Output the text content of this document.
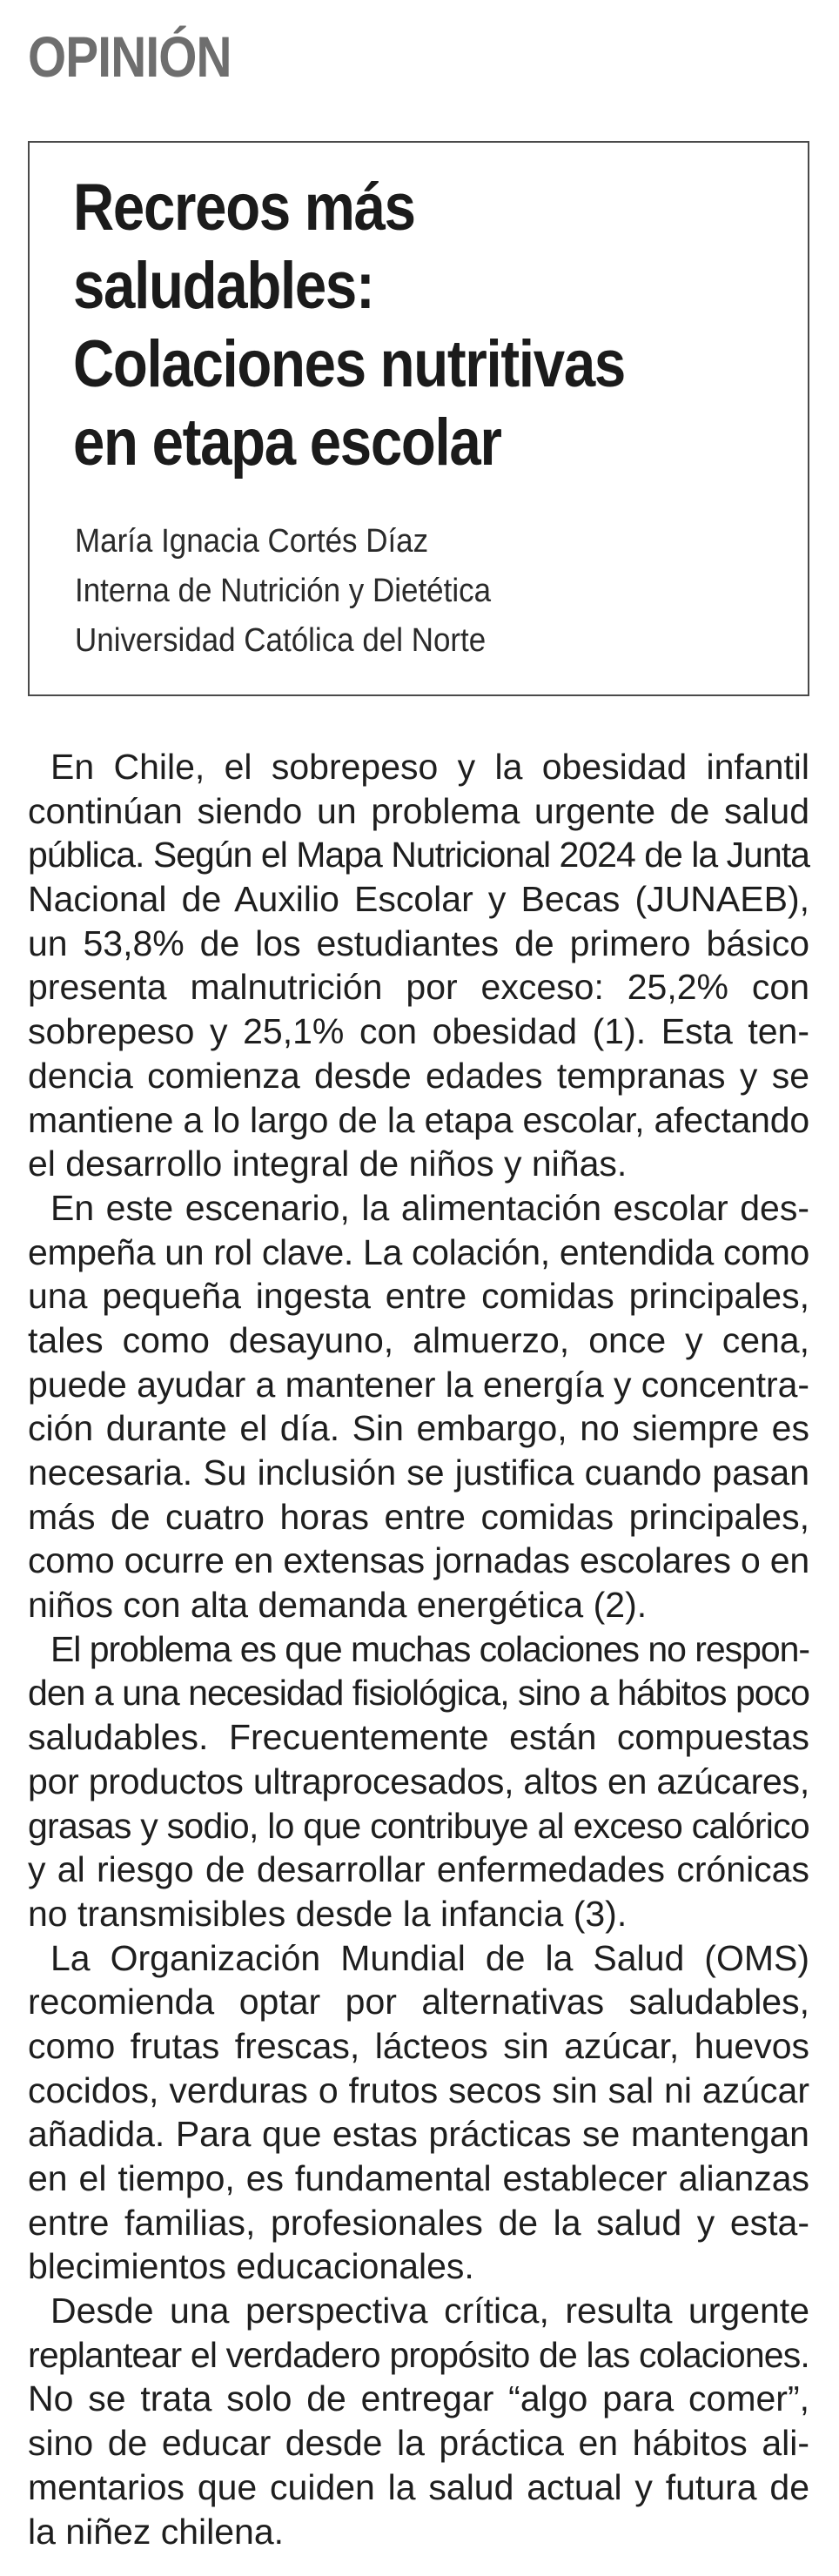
OPINIÓN
Recreos más
saludables:
Colaciones nutritivas
en etapa escolar
María Ignacia Cortés Díaz
Interna de Nutrición y Dietética
Universidad Católica del Norte
En Chile, el sobrepeso y la obesidad infantil
continúan siendo un problema urgente de salud
pública. Según el Mapa Nutricional 2024 de la Junta
Nacional de Auxilio Escolar y Becas (JUNAEB),
un 53,8% de los estudiantes de primero básico
presenta malnutrición por exceso: 25,2% con
sobrepeso y 25,1% con obesidad (1). Esta ten-
dencia comienza desde edades tempranas y se
mantiene a lo largo de la etapa escolar, afectando
el desarrollo integral de niños y niñas.
En este escenario, la alimentación escolar des-
empeña un rol clave. La colación, entendida como
una pequeña ingesta entre comidas principales,
tales como desayuno, almuerzo, once y cena,
puede ayudar a mantener la energía y concentra-
ción durante el día. Sin embargo, no siempre es
necesaria. Su inclusión se justifica cuando pasan
más de cuatro horas entre comidas principales,
como ocurre en extensas jornadas escolares o en
niños con alta demanda energética (2).
El problema es que muchas colaciones no respon-
den a una necesidad fisiológica, sino a hábitos poco
saludables. Frecuentemente están compuestas
por productos ultraprocesados, altos en azúcares,
grasas y sodio, lo que contribuye al exceso calórico
y al riesgo de desarrollar enfermedades crónicas
no transmisibles desde la infancia (3).
La Organización Mundial de la Salud (OMS)
recomienda optar por alternativas saludables,
como frutas frescas, lácteos sin azúcar, huevos
cocidos, verduras o frutos secos sin sal ni azúcar
añadida. Para que estas prácticas se mantengan
en el tiempo, es fundamental establecer alianzas
entre familias, profesionales de la salud y esta-
blecimientos educacionales.
Desde una perspectiva crítica, resulta urgente
replantear el verdadero propósito de las colaciones.
No se trata solo de entregar “algo para comer”,
sino de educar desde la práctica en hábitos ali-
mentarios que cuiden la salud actual y futura de
la niñez chilena.
